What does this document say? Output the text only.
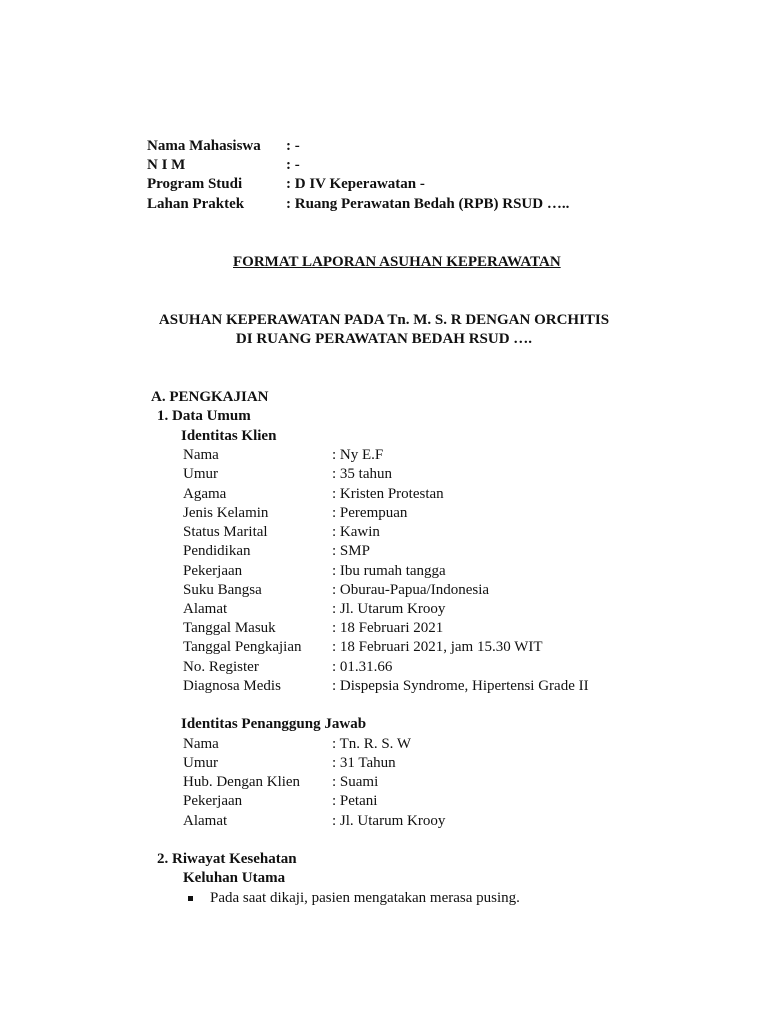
Nama Mahasiswa : -
N I M	: -
Program Studi	: D IV Keperawatan -
Lahan Praktek	: Ruang Perawatan Bedah (RPB) RSUD …..
FORMAT LAPORAN ASUHAN KEPERAWATAN
ASUHAN KEPERAWATAN PADA Tn. M. S. R DENGAN ORCHITIS
DI RUANG PERAWATAN BEDAH RSUD ….
A. PENGKAJIAN
1. Data Umum
Identitas Klien
Nama	: Ny E.F
Umur	: 35 tahun
Agama	: Kristen Protestan
Jenis Kelamin	: Perempuan
Status Marital	: Kawin
Pendidikan	: SMP
Pekerjaan	: Ibu rumah tangga
Suku Bangsa	: Oburau-Papua/Indonesia
Alamat	: Jl. Utarum Krooy
Tanggal Masuk	: 18 Februari 2021
Tanggal Pengkajian : 18 Februari 2021, jam 15.30 WIT
No. Register	: 01.31.66
Diagnosa Medis	: Dispepsia Syndrome, Hipertensi Grade II
Identitas Penanggung Jawab
Nama	: Tn. R. S. W
Umur	: 31 Tahun
Hub. Dengan Klien : Suami
Pekerjaan	: Petani
Alamat	: Jl. Utarum Krooy
2. Riwayat Kesehatan
Keluhan Utama
Pada saat dikaji, pasien mengatakan merasa pusing.
